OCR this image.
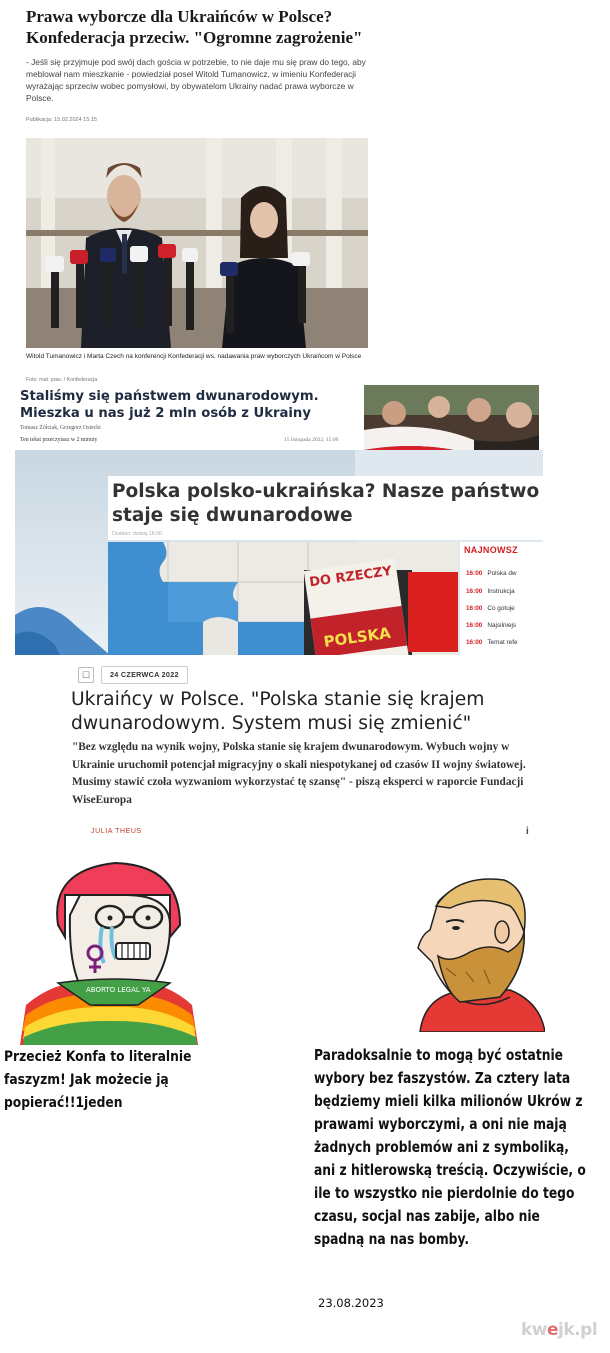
Prawa wyborcze dla Ukraińców w Polsce? Konfederacja przeciw. "Ogromne zagrożenie"
- Jeśli się przyjmuje pod swój dach gościa w potrzebie, to nie daje mu się praw do tego, aby meblował nam mieszkanie - powiedział poseł Witold Tumanowicz, w imieniu Konfederacji wyrażając sprzeciw wobec pomysłowi, by obywatelom Ukrainy nadać prawa wyborcze w Polsce.
Publikacja: 15.02.2024 15:15
Witold Tumanowicz i Marta Czech na konferencji Konfederacji ws. nadawania praw wyborczych Ukraińcom w Polsce
Foto: mat. pras. / Konfederacja
Staliśmy się państwem dwunarodowym. Mieszka u nas już 2 mln osób z Ukrainy
Tomasz Żółciak, Grzegorz Osiecki
Ten tekst przeczytasz w 2 minuty	15 listopada 2022, 15:00
Polska polsko-ukraińska? Nasze państwo staje się dwunarodowe
Dodano: dzisiaj 16:00
DO RZECZY
POLSKA
NAJNOWSZ
16:00 Polska dw
16:00 Instrukcja
16:00 Co gotuje
16:00 Najsilniejs
16:00 Temat refe
☐	24 CZERWCA 2022
Ukraińcy w Polsce. "Polska stanie się krajem dwunarodowym. System musi się zmienić"
"Bez względu na wynik wojny, Polska stanie się krajem dwunarodowym. Wybuch wojny w Ukrainie uruchomił potencjał migracyjny o skali niespotykanej od czasów II wojny światowej. Musimy stawić czoła wyzwaniom wykorzystać tę szansę" - piszą eksperci w raporcie Fundacji WiseEuropa
JULIA THEUS	i
ABORTO LEGAL YA
Przecież Konfa to literalnie faszyzm! Jak możecie ją popierać!!1jeden
Paradoksalnie to mogą być ostatnie wybory bez faszystów. Za cztery lata będziemy mieli kilka milionów Ukrów z prawami wyborczymi, a oni nie mają żadnych problemów ani z symboliką, ani z hitlerowską treścią. Oczywiście, o ile to wszystko nie pierdolnie do tego czasu, socjal nas zabije, albo nie spadną na nas bomby.
23.08.2023
kwejk.pl
